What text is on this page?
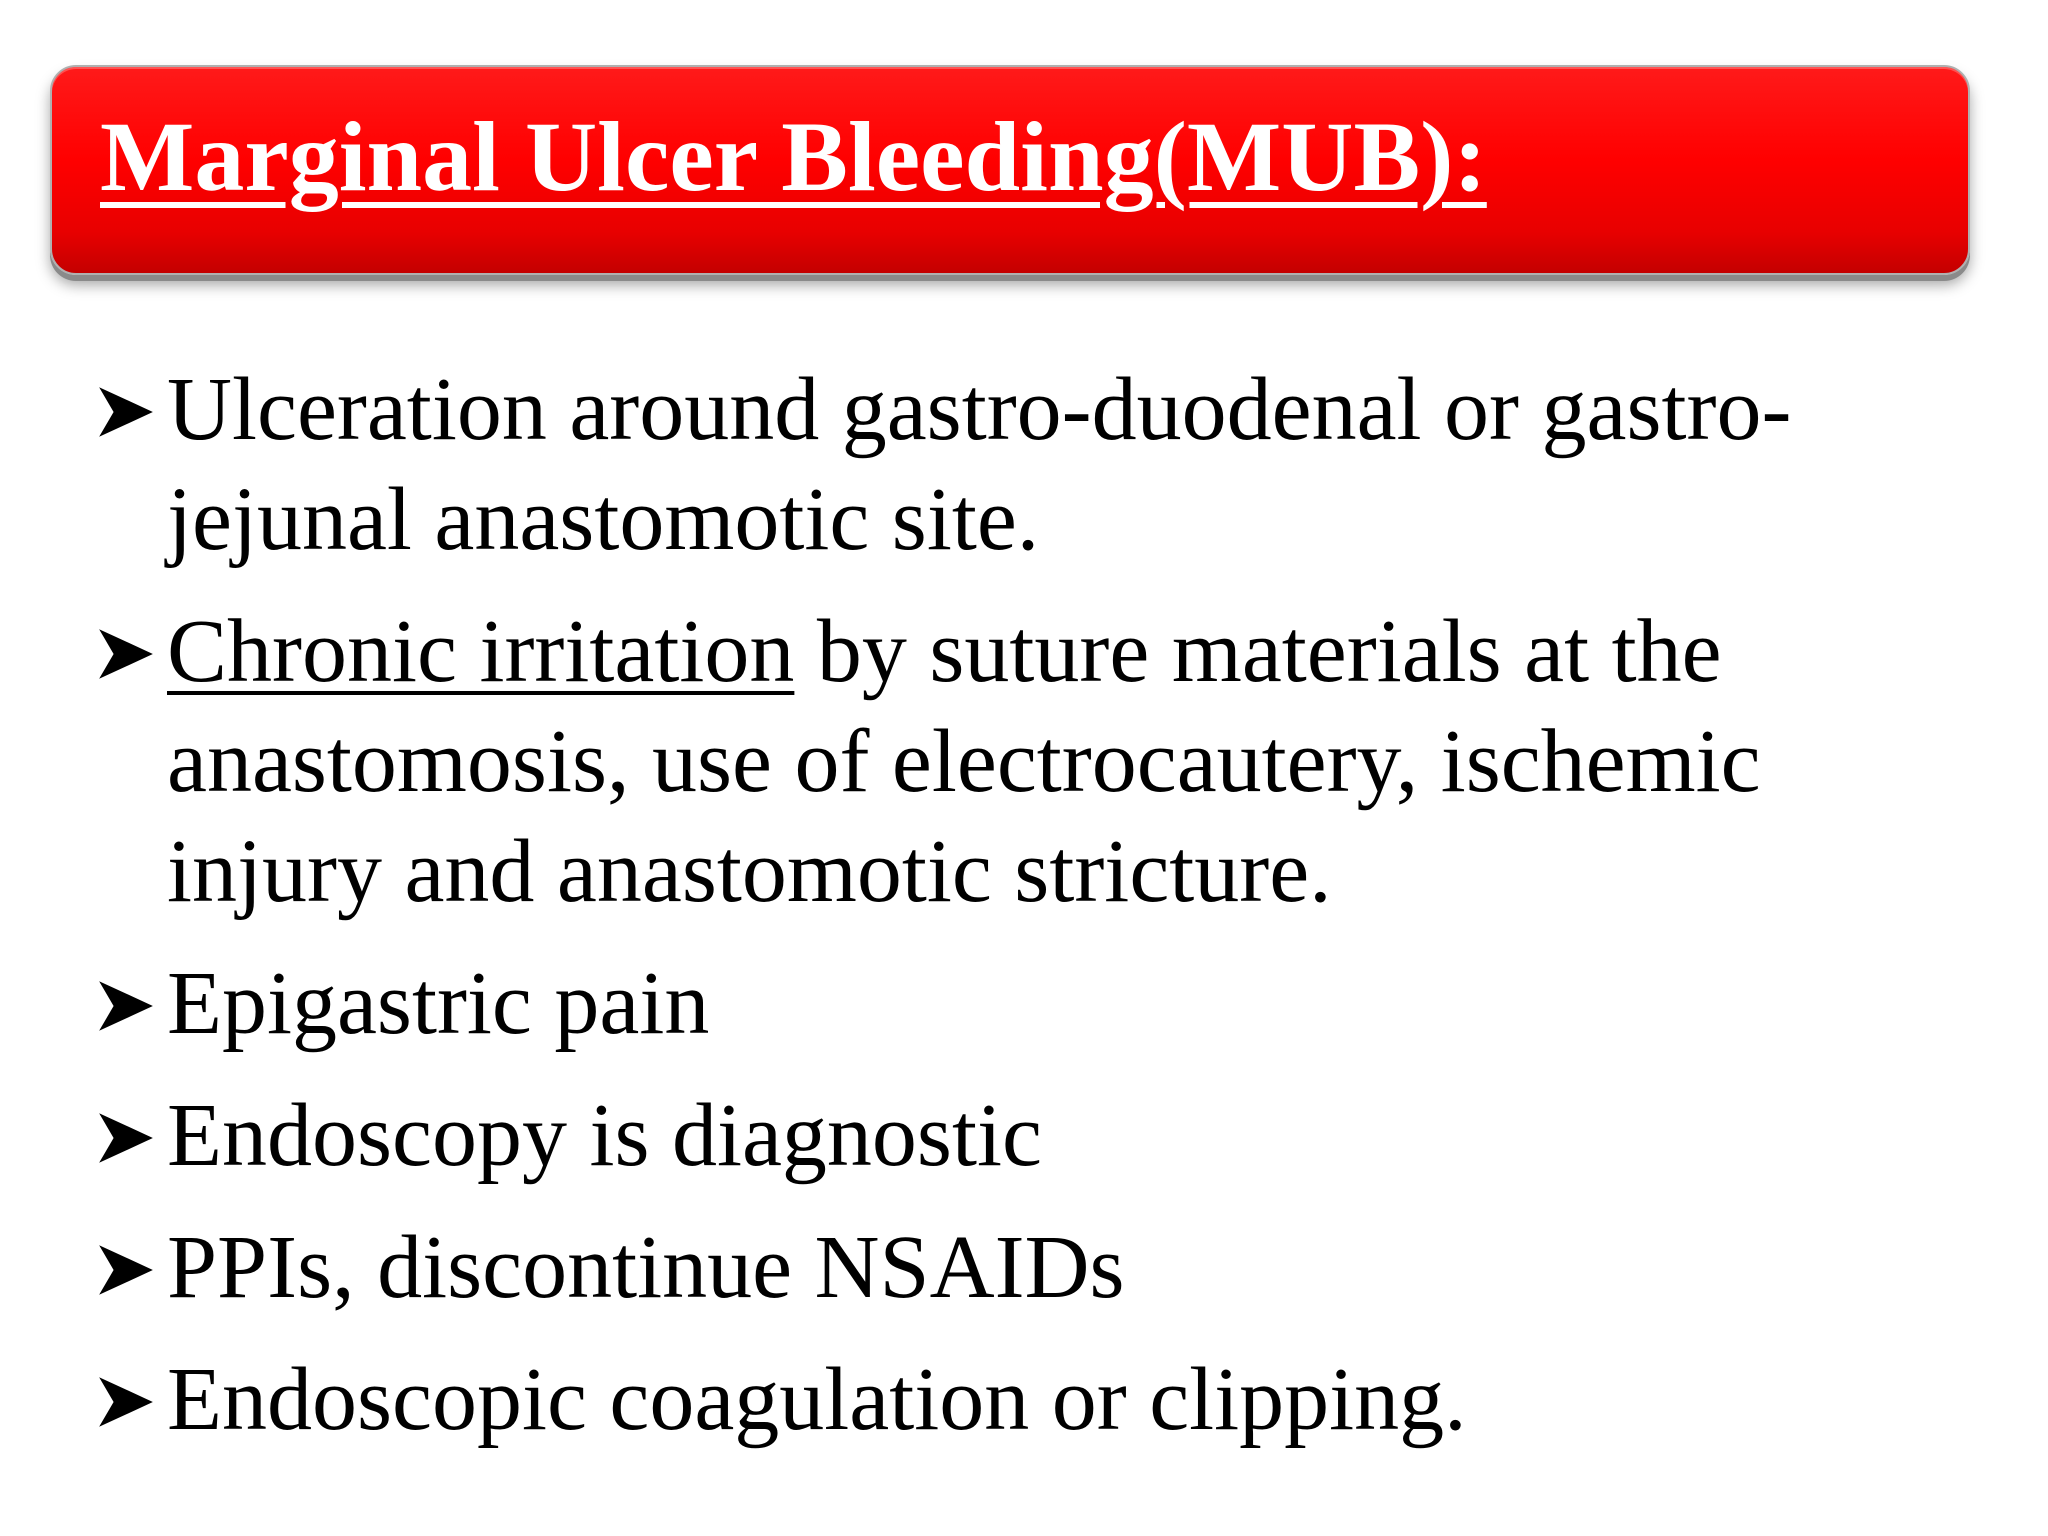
Marginal Ulcer Bleeding(MUB):
Ulceration around gastro-duodenal or gastro-jejunal anastomotic site.
Chronic irritation by suture materials at the anastomosis, use of electrocautery, ischemic injury and anastomotic stricture.
Epigastric pain
Endoscopy is diagnostic
PPIs, discontinue NSAIDs
Endoscopic coagulation or clipping.
